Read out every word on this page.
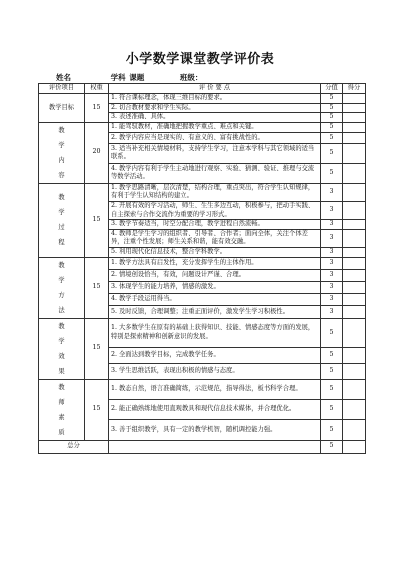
小学数学课堂教学评价表
姓名	学科 课题	班级：
评价项目	权重	评 价 要 点	分值	得分
教学目标	15	1. 符合课标理念，体现三维目标的要求。	5	
		2. 切合教材要求和学生实际。	5	
		3. 表述准确、具体。	5	
教学内容	20	1. 能驾驭教材，准确地把握教学重点、难点和关键。	5	
		2. 教学内容应当是现实的、有意义的、富有挑战性的。	5	
		3. 适当补充相关情境材料，支持学生学习，注意本学科与其它领域的适当联系。	5	
		4. 教学内容有利于学生主动地进行观察、实验、猜测、验证、推理与交流等数学活动。	5	
教学过程	15	1. 教学思路清晰，层次清楚，结构合理，重点突出，符合学生认知规律，有利于学生认知结构的建立。	3	
		2. 开展有效的学习活动，师生、生生多边互动，积极参与，把动手实践、自主探索与合作交流作为重要的学习形式。	3	
		3. 教学节奏适当，时空分配合理，教学进程自然流畅。	3	
		4. 教师是学生学习的组织者、引导者、合作者；面向全体，关注个体差异，注重个性发展；师生关系和谐，能有效交融。	3	
		5. 利用现代化信息技术，整合学科教学。	3	
教学方法	15	1. 教学方法具有启发性，充分发挥学生的主体作用。	3	
		2. 情境创设恰当，有效，问题设计严谨、合理。	3	
		3. 体现学生的能力培养，情感的激发。	3	
		4. 教学手段运用得当。	3	
		5. 及时反馈，合理调整；注重正面评价，激发学生学习积极性。	3	
教学效果	15	1. 大多数学生在原有的基础上获得知识、技能、情感态度等方面的发展，特别是探索精神和创新意识的发展。	5	
		2. 全面达到教学目标，完成教学任务。	5	
		3. 学生思维活跃，表现出积极的情感与态度。	5	
教师素质	15	1. 教态自然，语言准确简练，示范规范，指导得法，板书科学合理。	5	
		2. 能正确熟练地使用直观教具和现代信息技术媒体，并合理优化。	5	
		3. 善于组织教学，具有一定的教学机智，随机调控能力强。	5	
总分			5	
